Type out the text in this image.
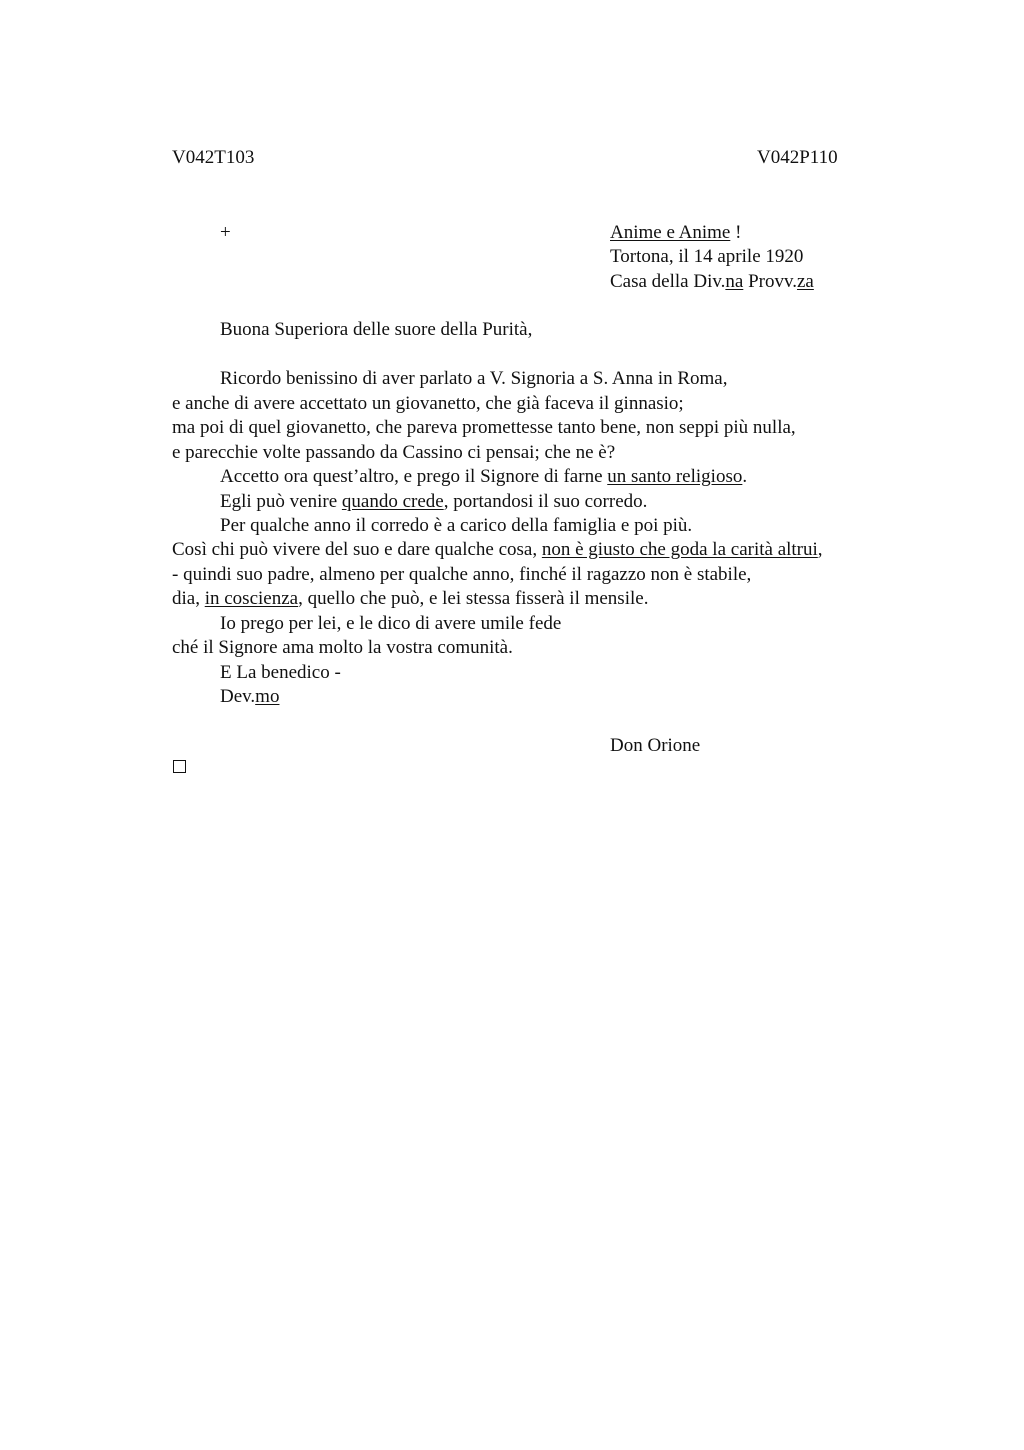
V042T103	V042P110
+	Anime e Anime !
Tortona, il 14 aprile 1920
Casa della Div.na Provv.za
Buona Superiora delle suore della Purità,
Ricordo benissino di aver parlato a V. Signoria a S. Anna in Roma,
e anche di avere accettato un giovanetto, che già faceva il ginnasio;
ma poi di quel giovanetto, che pareva promettesse tanto bene, non seppi più nulla,
e parecchie volte passando da Cassino ci pensai; che ne è?
Accetto ora quest’altro, e prego il Signore di farne un santo religioso.
Egli può venire quando crede, portandosi il suo corredo.
Per qualche anno il corredo è a carico della famiglia e poi più.
Così chi può vivere del suo e dare qualche cosa, non è giusto che goda la carità altrui,
- quindi suo padre, almeno per qualche anno, finché il ragazzo non è stabile,
dia, in coscienza, quello che può, e lei stessa fisserà il mensile.
Io prego per lei, e le dico di avere umile fede
ché il Signore ama molto la vostra comunità.
E La benedico -
Dev.mo
Don Orione
